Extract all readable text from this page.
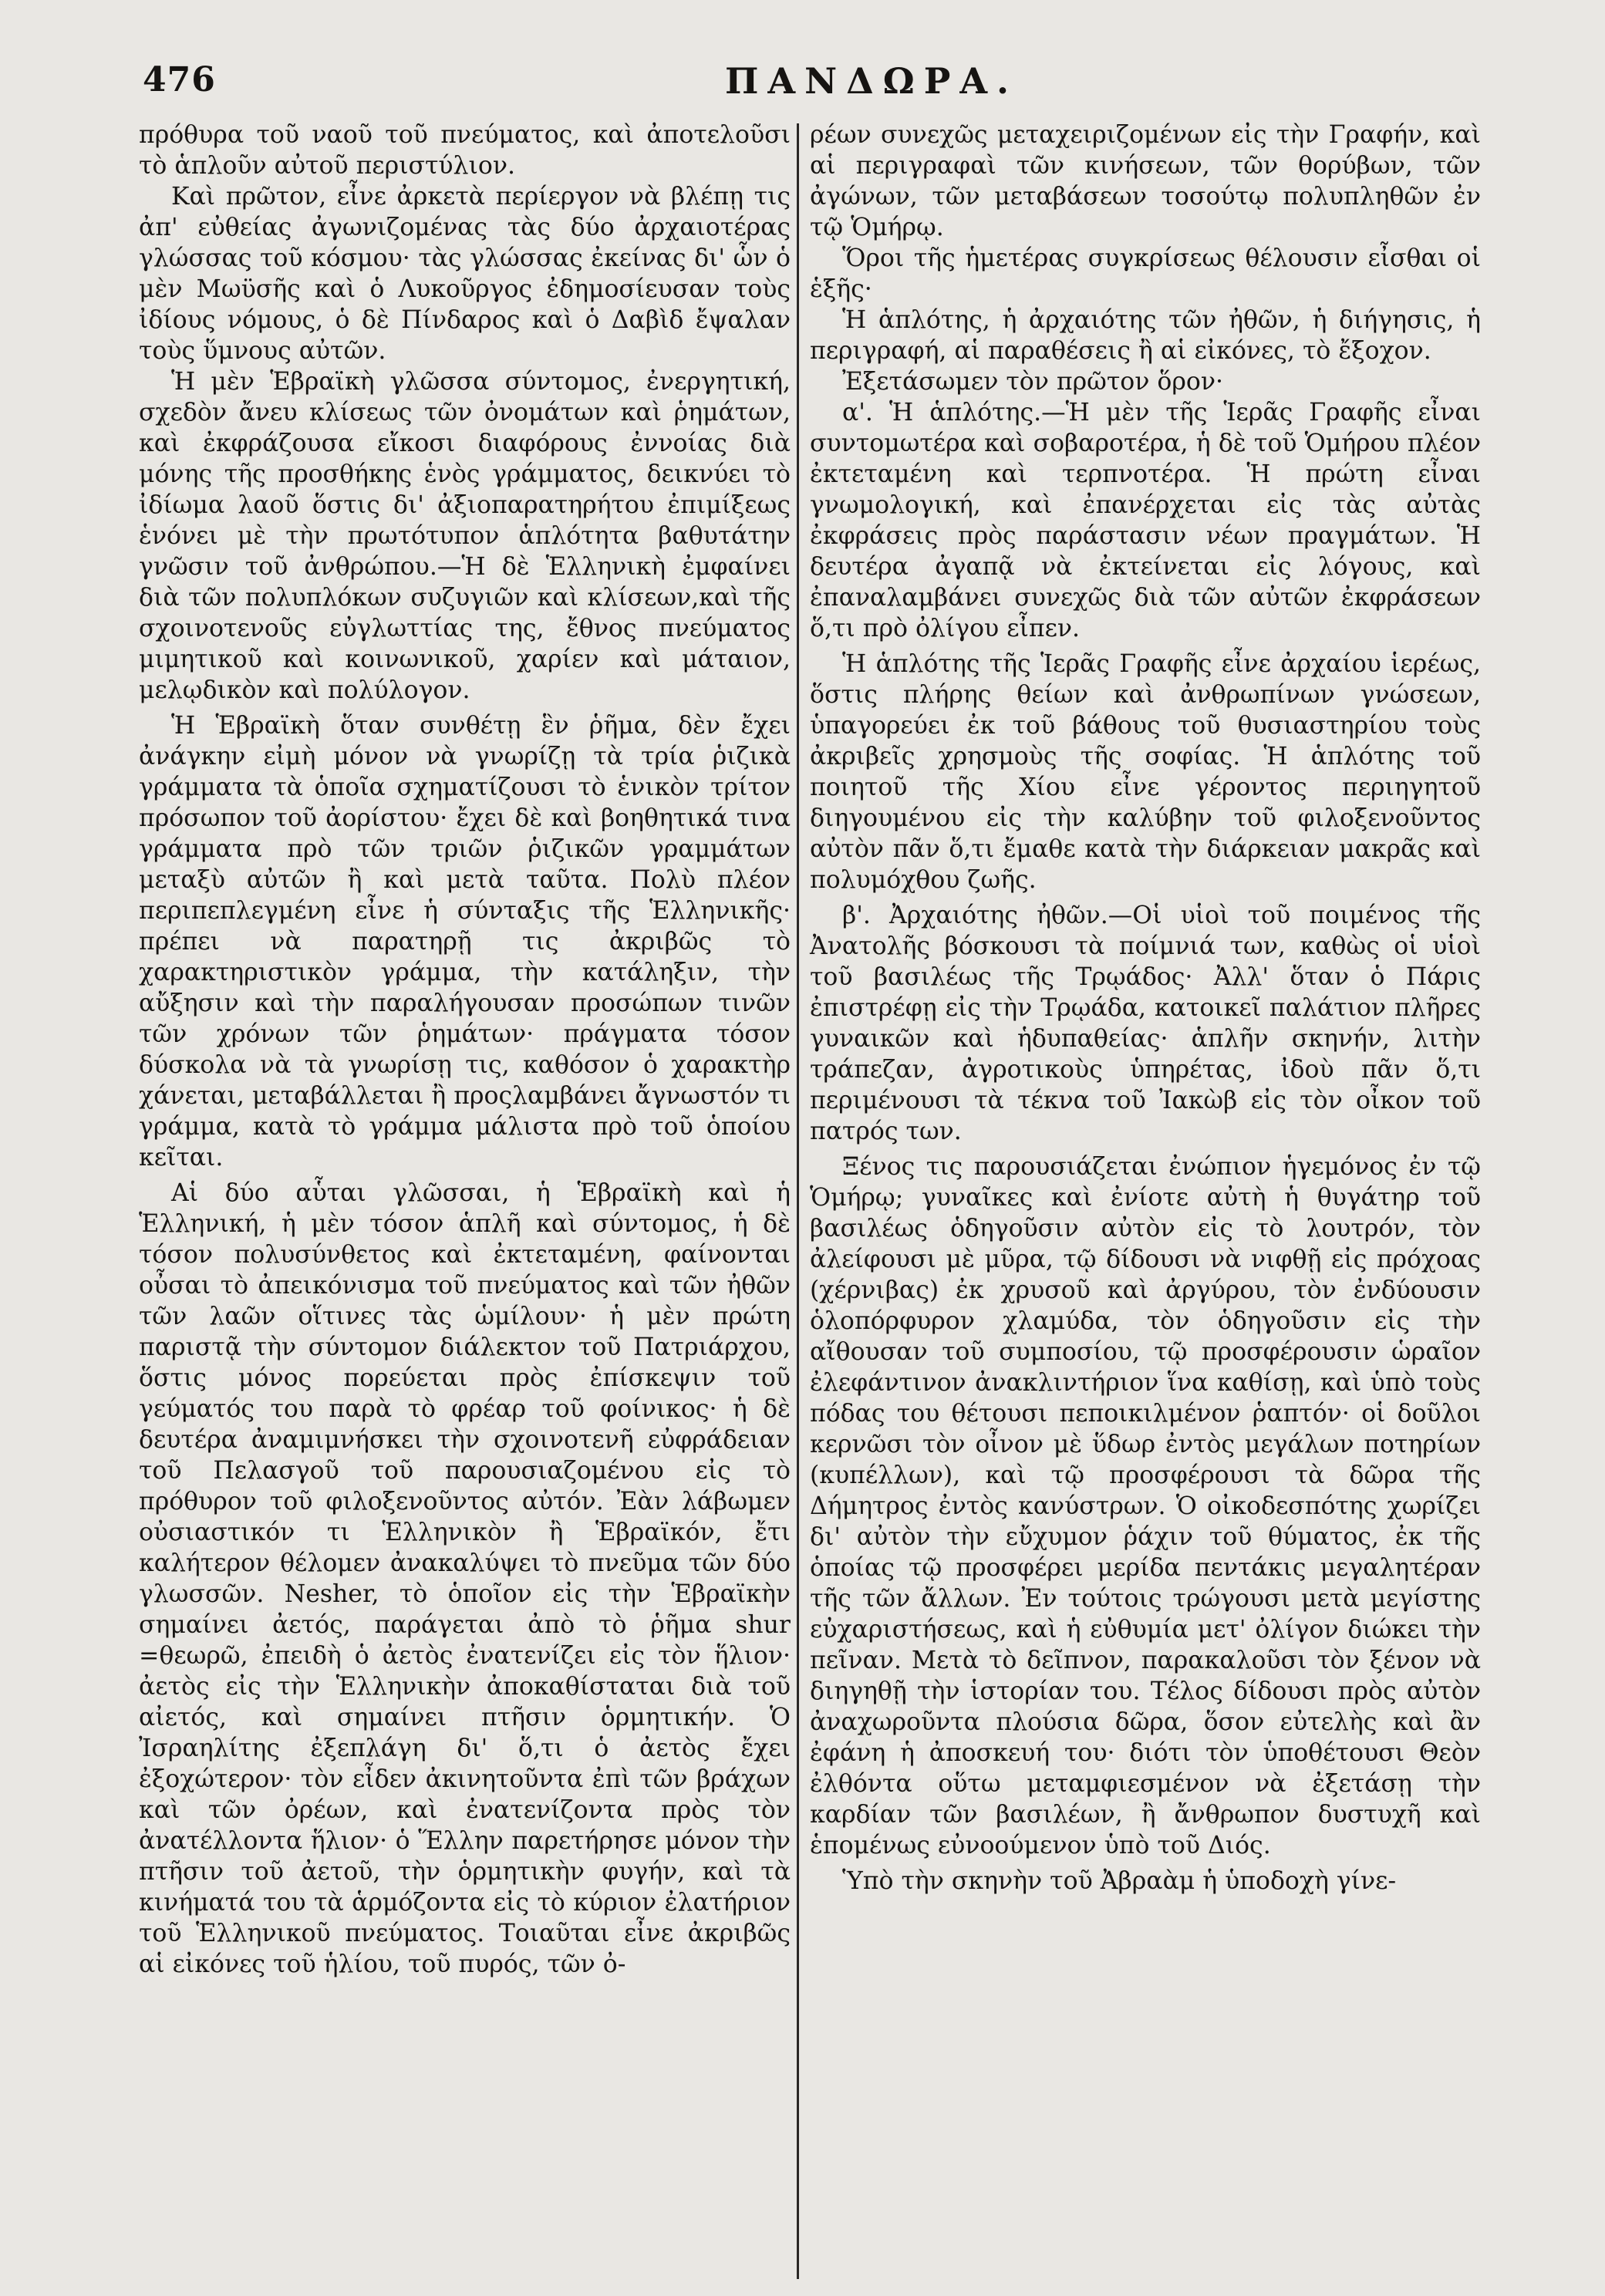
476	ΠΑΝΔΩΡΑ.

πρόθυρα τοῦ ναοῦ τοῦ πνεύματος, καὶ ἀποτελοῦσι τὸ ἁπλοῦν αὐτοῦ περιστύλιον.

Καὶ πρῶτον, εἶνε ἀρκετὰ περίεργον νὰ βλέπῃ τις ἀπ' εὐθείας ἀγωνιζομένας τὰς δύο ἀρχαιοτέρας γλώσσας τοῦ κόσμου· τὰς γλώσσας ἐκείνας δι' ὧν ὁ μὲν Μωϋσῆς καὶ ὁ Λυκοῦργος ἐδημοσίευσαν τοὺς ἰδίους νόμους, ὁ δὲ Πίνδαρος καὶ ὁ Δαβὶδ ἔψαλαν τοὺς ὕμνους αὐτῶν.

Ἡ μὲν Ἑβραϊκὴ γλῶσσα σύντομος, ἐνεργητική, σχεδὸν ἄνευ κλίσεως τῶν ὀνομάτων καὶ ῥημάτων, καὶ ἐκφράζουσα εἴκοσι διαφόρους ἐννοίας διὰ μόνης τῆς προσθήκης ἑνὸς γράμματος, δεικνύει τὸ ἰδίωμα λαοῦ ὅστις δι' ἀξιοπαρατηρήτου ἐπιμίξεως ἑνόνει μὲ τὴν πρωτότυπον ἁπλότητα βαθυτάτην γνῶσιν τοῦ ἀνθρώπου.—Ἡ δὲ Ἑλληνικὴ ἐμφαίνει διὰ τῶν πολυπλόκων συζυγιῶν καὶ κλίσεων,καὶ τῆς σχοινοτενοῦς εὐγλωττίας της, ἔθνος πνεύματος μιμητικοῦ καὶ κοινωνικοῦ, χαρίεν καὶ μάταιον, μελῳδικὸν καὶ πολύλογον.

Ἡ Ἑβραϊκὴ ὅταν συνθέτῃ ἓν ῥῆμα, δὲν ἔχει ἀνάγκην εἰμὴ μόνον νὰ γνωρίζῃ τὰ τρία ῥιζικὰ γράμματα τὰ ὁποῖα σχηματίζουσι τὸ ἑνικὸν τρίτον πρόσωπον τοῦ ἀορίστου· ἔχει δὲ καὶ βοηθητικά τινα γράμματα πρὸ τῶν τριῶν ῥιζικῶν γραμμάτων μεταξὺ αὐτῶν ἢ καὶ μετὰ ταῦτα. Πολὺ πλέον περιπεπλεγμένη εἶνε ἡ σύνταξις τῆς Ἑλληνικῆς· πρέπει νὰ παρατηρῇ τις ἀκριβῶς τὸ χαρακτηριστικὸν γράμμα, τὴν κατάληξιν, τὴν αὔξησιν καὶ τὴν παραλήγουσαν προσώπων τινῶν τῶν χρόνων τῶν ῥημάτων· πράγματα τόσον δύσκολα νὰ τὰ γνωρίσῃ τις, καθόσον ὁ χαρακτὴρ χάνεται, μεταβάλλεται ἢ προςλαμβάνει ἄγνωστόν τι γράμμα, κατὰ τὸ γράμμα μάλιστα πρὸ τοῦ ὁποίου κεῖται.

Αἱ δύο αὗται γλῶσσαι, ἡ Ἑβραϊκὴ καὶ ἡ Ἑλληνική, ἡ μὲν τόσον ἁπλῆ καὶ σύντομος, ἡ δὲ τόσον πολυσύνθετος καὶ ἐκτεταμένη, φαίνονται οὖσαι τὸ ἀπεικόνισμα τοῦ πνεύματος καὶ τῶν ἠθῶν τῶν λαῶν οἵτινες τὰς ὡμίλουν· ἡ μὲν πρώτη παριστᾷ τὴν σύντομον διάλεκτον τοῦ Πατριάρχου, ὅστις μόνος πορεύεται πρὸς ἐπίσκεψιν τοῦ γεύματός του παρὰ τὸ φρέαρ τοῦ φοίνικος· ἡ δὲ δευτέρα ἀναμιμνήσκει τὴν σχοινοτενῆ εὐφράδειαν τοῦ Πελασγοῦ τοῦ παρουσιαζομένου εἰς τὸ πρόθυρον τοῦ φιλοξενοῦντος αὐτόν. Ἐὰν λάβωμεν οὐσιαστικόν τι Ἑλληνικὸν ἢ Ἑβραϊκόν, ἔτι καλήτερον θέλομεν ἀνακαλύψει τὸ πνεῦμα τῶν δύο γλωσσῶν. Nesher, τὸ ὁποῖον εἰς τὴν Ἑβραϊκὴν σημαίνει ἀετός, παράγεται ἀπὸ τὸ ῥῆμα shur =θεωρῶ, ἐπειδὴ ὁ ἀετὸς ἐνατενίζει εἰς τὸν ἥλιον· ἀετὸς εἰς τὴν Ἑλληνικὴν ἀποκαθίσταται διὰ τοῦ αἰετός, καὶ σημαίνει πτῆσιν ὁρμητικήν. Ὁ Ἰσραηλίτης ἐξεπλάγη δι' ὅ,τι ὁ ἀετὸς ἔχει ἐξοχώτερον· τὸν εἶδεν ἀκινητοῦντα ἐπὶ τῶν βράχων καὶ τῶν ὀρέων, καὶ ἐνατενίζοντα πρὸς τὸν ἀνατέλλοντα ἥλιον· ὁ Ἕλλην παρετήρησε μόνον τὴν πτῆσιν τοῦ ἀετοῦ, τὴν ὁρμητικὴν φυγήν, καὶ τὰ κινήματά του τὰ ἁρμόζοντα εἰς τὸ κύριον ἐλατήριον τοῦ Ἑλληνικοῦ πνεύματος. Τοιαῦται εἶνε ἀκριβῶς αἱ εἰκόνες τοῦ ἡλίου, τοῦ πυρός, τῶν ὀ-

ρέων συνεχῶς μεταχειριζομένων εἰς τὴν Γραφήν, καὶ αἱ περιγραφαὶ τῶν κινήσεων, τῶν θορύβων, τῶν ἀγώνων, τῶν μεταβάσεων τοσούτῳ πολυπληθῶν ἐν τῷ Ὁμήρῳ.

Ὅροι τῆς ἡμετέρας συγκρίσεως θέλουσιν εἶσθαι οἱ ἑξῆς·

Ἡ ἁπλότης, ἡ ἀρχαιότης τῶν ἠθῶν, ἡ διήγησις, ἡ περιγραφή, αἱ παραθέσεις ἢ αἱ εἰκόνες, τὸ ἔξοχον.

Ἐξετάσωμεν τὸν πρῶτον ὅρον·

α'. Ἡ ἁπλότης.—Ἡ μὲν τῆς Ἱερᾶς Γραφῆς εἶναι συντομωτέρα καὶ σοβαροτέρα, ἡ δὲ τοῦ Ὁμήρου πλέον ἐκτεταμένη καὶ τερπνοτέρα. Ἡ πρώτη εἶναι γνωμολογική, καὶ ἐπανέρχεται εἰς τὰς αὐτὰς ἐκφράσεις πρὸς παράστασιν νέων πραγμάτων. Ἡ δευτέρα ἀγαπᾷ νὰ ἐκτείνεται εἰς λόγους, καὶ ἐπαναλαμβάνει συνεχῶς διὰ τῶν αὐτῶν ἐκφράσεων ὅ,τι πρὸ ὀλίγου εἶπεν.

Ἡ ἁπλότης τῆς Ἱερᾶς Γραφῆς εἶνε ἀρχαίου ἱερέως, ὅστις πλήρης θείων καὶ ἀνθρωπίνων γνώσεων, ὑπαγορεύει ἐκ τοῦ βάθους τοῦ θυσιαστηρίου τοὺς ἀκριβεῖς χρησμοὺς τῆς σοφίας. Ἡ ἁπλότης τοῦ ποιητοῦ τῆς Χίου εἶνε γέροντος περιηγητοῦ διηγουμένου εἰς τὴν καλύβην τοῦ φιλοξενοῦντος αὐτὸν πᾶν ὅ,τι ἔμαθε κατὰ τὴν διάρκειαν μακρᾶς καὶ πολυμόχθου ζωῆς.

β'. Ἀρχαιότης ἠθῶν.—Οἱ υἱοὶ τοῦ ποιμένος τῆς Ἀνατολῆς βόσκουσι τὰ ποίμνιά των, καθὼς οἱ υἱοὶ τοῦ βασιλέως τῆς Τρῳάδος· Ἀλλ' ὅταν ὁ Πάρις ἐπιστρέφῃ εἰς τὴν Τρῳάδα, κατοικεῖ παλάτιον πλῆρες γυναικῶν καὶ ἡδυπαθείας· ἁπλῆν σκηνήν, λιτὴν τράπεζαν, ἀγροτικοὺς ὑπηρέτας, ἰδοὺ πᾶν ὅ,τι περιμένουσι τὰ τέκνα τοῦ Ἰακὼβ εἰς τὸν οἶκον τοῦ πατρός των.

Ξένος τις παρουσιάζεται ἐνώπιον ἡγεμόνος ἐν τῷ Ὁμήρῳ; γυναῖκες καὶ ἐνίοτε αὐτὴ ἡ θυγάτηρ τοῦ βασιλέως ὁδηγοῦσιν αὐτὸν εἰς τὸ λουτρόν, τὸν ἀλείφουσι μὲ μῦρα, τῷ δίδουσι νὰ νιφθῇ εἰς πρόχοας (χέρνιβας) ἐκ χρυσοῦ καὶ ἀργύρου, τὸν ἐνδύουσιν ὁλοπόρφυρον χλαμύδα, τὸν ὁδηγοῦσιν εἰς τὴν αἴθουσαν τοῦ συμποσίου, τῷ προσφέρουσιν ὡραῖον ἐλεφάντινον ἀνακλιντήριον ἵνα καθίσῃ, καὶ ὑπὸ τοὺς πόδας του θέτουσι πεποικιλμένον ῥαπτόν· οἱ δοῦλοι κερνῶσι τὸν οἶνον μὲ ὕδωρ ἐντὸς μεγάλων ποτηρίων (κυπέλλων), καὶ τῷ προσφέρουσι τὰ δῶρα τῆς Δήμητρος ἐντὸς κανύστρων. Ὁ οἰκοδεσπότης χωρίζει δι' αὐτὸν τὴν εὔχυμον ῥάχιν τοῦ θύματος, ἐκ τῆς ὁποίας τῷ προσφέρει μερίδα πεντάκις μεγαλητέραν τῆς τῶν ἄλλων. Ἐν τούτοις τρώγουσι μετὰ μεγίστης εὐχαριστήσεως, καὶ ἡ εὐθυμία μετ' ὀλίγον διώκει τὴν πεῖναν. Μετὰ τὸ δεῖπνον, παρακαλοῦσι τὸν ξένον νὰ διηγηθῇ τὴν ἱστορίαν του. Τέλος δίδουσι πρὸς αὐτὸν ἀναχωροῦντα πλούσια δῶρα, ὅσον εὐτελὴς καὶ ἂν ἐφάνη ἡ ἀποσκευή του· διότι τὸν ὑποθέτουσι Θεὸν ἐλθόντα οὕτω μεταμφιεσμένον νὰ ἐξετάσῃ τὴν καρδίαν τῶν βασιλέων, ἢ ἄνθρωπον δυστυχῆ καὶ ἑπομένως εὐνοούμενον ὑπὸ τοῦ Διός.

Ὑπὸ τὴν σκηνὴν τοῦ Ἀβραὰμ ἡ ὑποδοχὴ γίνε-
